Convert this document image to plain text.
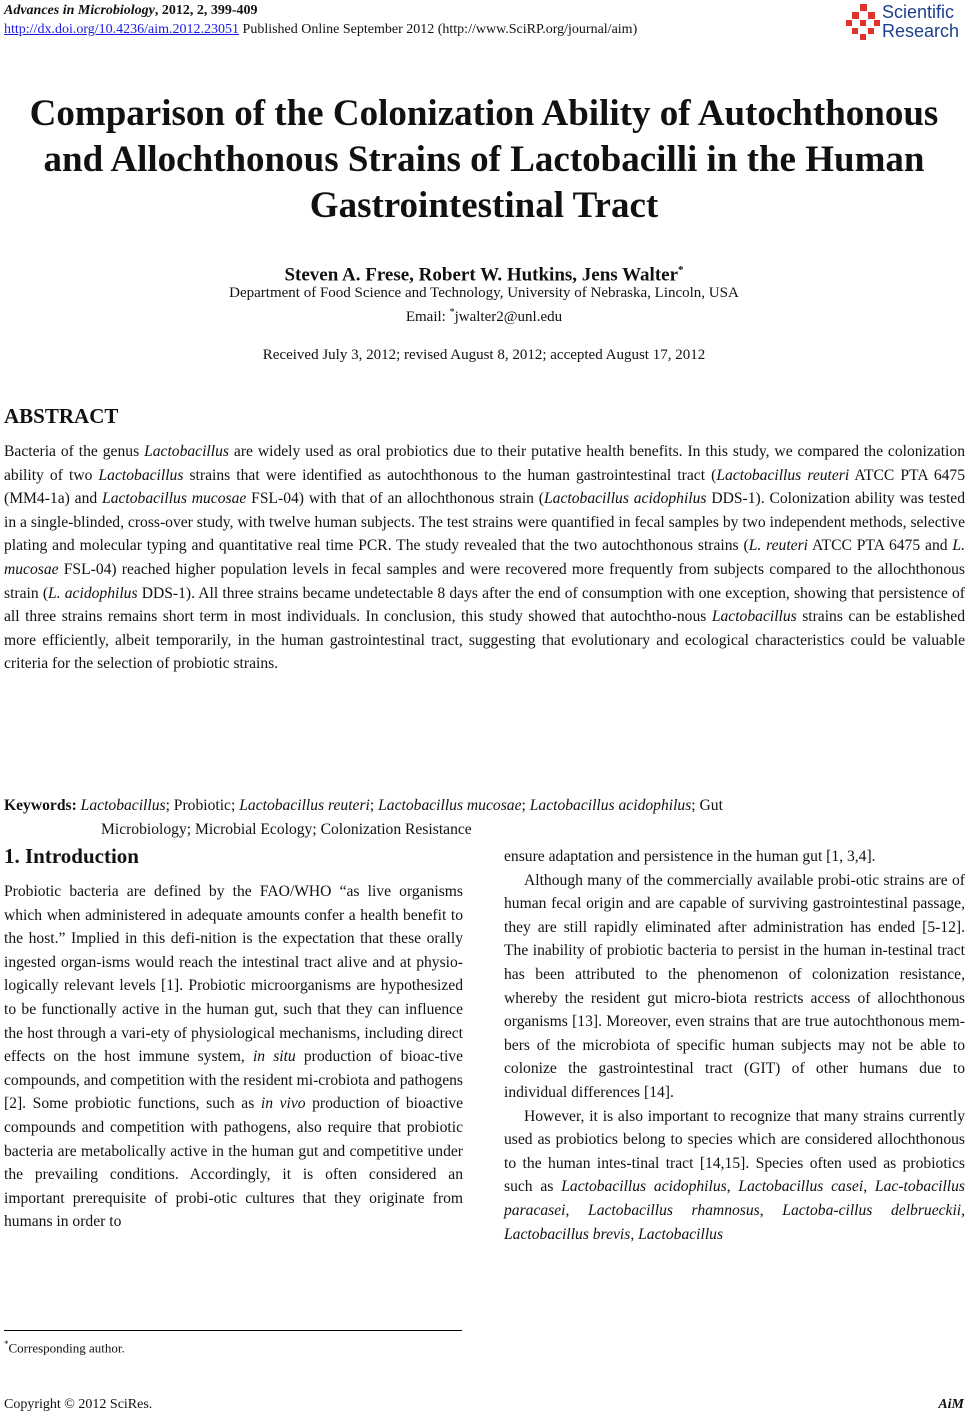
Advances in Microbiology, 2012, 2, 399-409
http://dx.doi.org/10.4236/aim.2012.23051 Published Online September 2012 (http://www.SciRP.org/journal/aim)
Scientific
Research
Comparison of the Colonization Ability of Autochthonous
and Allochthonous Strains of Lactobacilli in the Human
Gastrointestinal Tract
Steven A. Frese, Robert W. Hutkins, Jens Walter*
Department of Food Science and Technology, University of Nebraska, Lincoln, USA
Email: *jwalter2@unl.edu
Received July 3, 2012; revised August 8, 2012; accepted August 17, 2012
ABSTRACT
Bacteria of the genus Lactobacillus are widely used as oral probiotics due to their putative health benefits. In this study, we compared the colonization ability of two Lactobacillus strains that were identified as autochthonous to the human gastrointestinal tract (Lactobacillus reuteri ATCC PTA 6475 (MM4-1a) and Lactobacillus mucosae FSL-04) with that of an allochthonous strain (Lactobacillus acidophilus DDS-1). Colonization ability was tested in a single-blinded, cross-over study, with twelve human subjects. The test strains were quantified in fecal samples by two independent methods, selective plating and molecular typing and quantitative real time PCR. The study revealed that the two autochthonous strains (L. reuteri ATCC PTA 6475 and L. mucosae FSL-04) reached higher population levels in fecal samples and were recovered more frequently from subjects compared to the allochthonous strain (L. acidophilus DDS-1). All three strains became undetectable 8 days after the end of consumption with one exception, showing that persistence of all three strains remains short term in most individuals. In conclusion, this study showed that autochtho-nous Lactobacillus strains can be established more efficiently, albeit temporarily, in the human gastrointestinal tract, suggesting that evolutionary and ecological characteristics could be valuable criteria for the selection of probiotic strains.
Keywords: Lactobacillus; Probiotic; Lactobacillus reuteri; Lactobacillus mucosae; Lactobacillus acidophilus; Gut
Microbiology; Microbial Ecology; Colonization Resistance
1. Introduction

Probiotic bacteria are defined by the FAO/WHO “as live organisms which when administered in adequate amounts confer a health benefit to the host.” Implied in this defi-nition is the expectation that these orally ingested organ-isms would reach the intestinal tract alive and at physio-logically relevant levels [1]. Probiotic microorganisms are hypothesized to be functionally active in the human gut, such that they can influence the host through a vari-ety of physiological mechanisms, including direct effects on the host immune system, in situ production of bioac-tive compounds, and competition with the resident mi-crobiota and pathogens [2]. Some probiotic functions, such as in vivo production of bioactive compounds and competition with pathogens, also require that probiotic bacteria are metabolically active in the human gut and competitive under the prevailing conditions. Accordingly, it is often considered an important prerequisite of probi-otic cultures that they originate from humans in order to

ensure adaptation and persistence in the human gut [1, 3,4].

Although many of the commercially available probi-otic strains are of human fecal origin and are capable of surviving gastrointestinal passage, they are still rapidly eliminated after administration has ended [5-12]. The inability of probiotic bacteria to persist in the human in-testinal tract has been attributed to the phenomenon of colonization resistance, whereby the resident gut micro-biota restricts access of allochthonous organisms [13]. Moreover, even strains that are true autochthonous mem-bers of the microbiota of specific human subjects may not be able to colonize the gastrointestinal tract (GIT) of other humans due to individual differences [14].

However, it is also important to recognize that many strains currently used as probiotics belong to species which are considered allochthonous to the human intes-tinal tract [14,15]. Species often used as probiotics such as Lactobacillus acidophilus, Lactobacillus casei, Lac-tobacillus paracasei, Lactobacillus rhamnosus, Lactoba-cillus delbrueckii, Lactobacillus brevis, Lactobacillus

*Corresponding author.
Copyright © 2012 SciRes.	AiM
